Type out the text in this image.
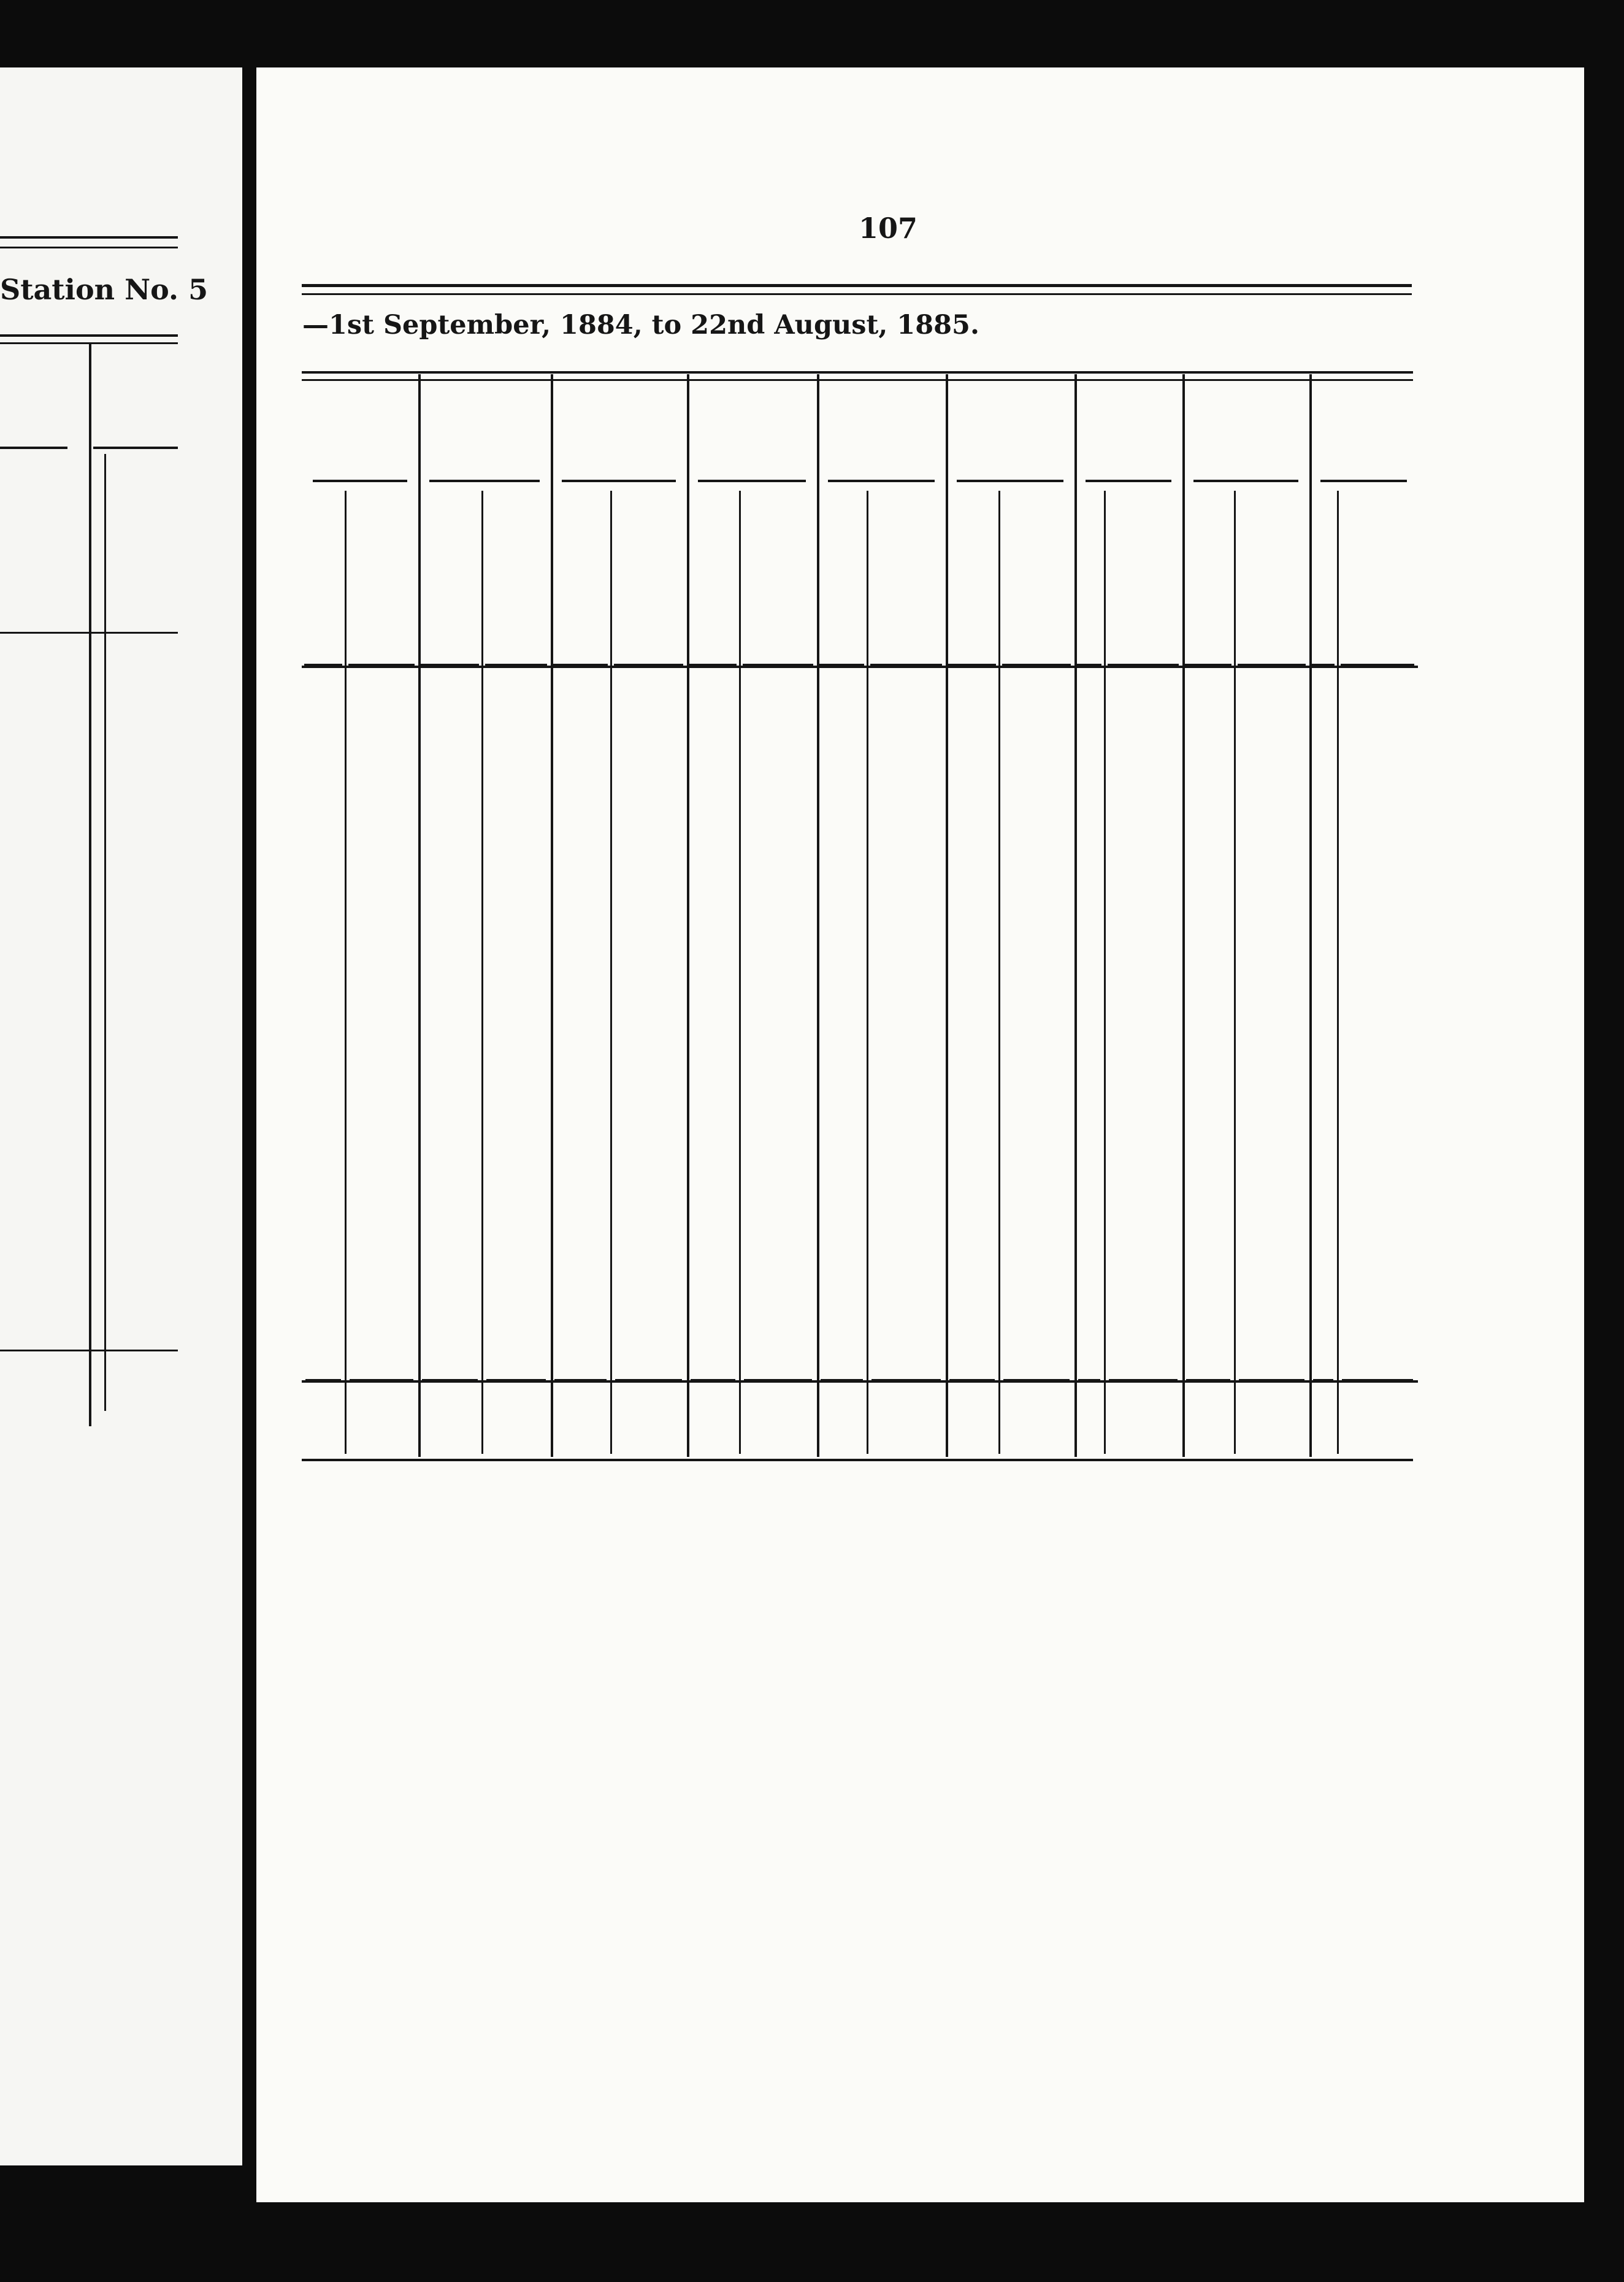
Station No. 5
107
—1st September, 1884, to 22nd August, 1885.
